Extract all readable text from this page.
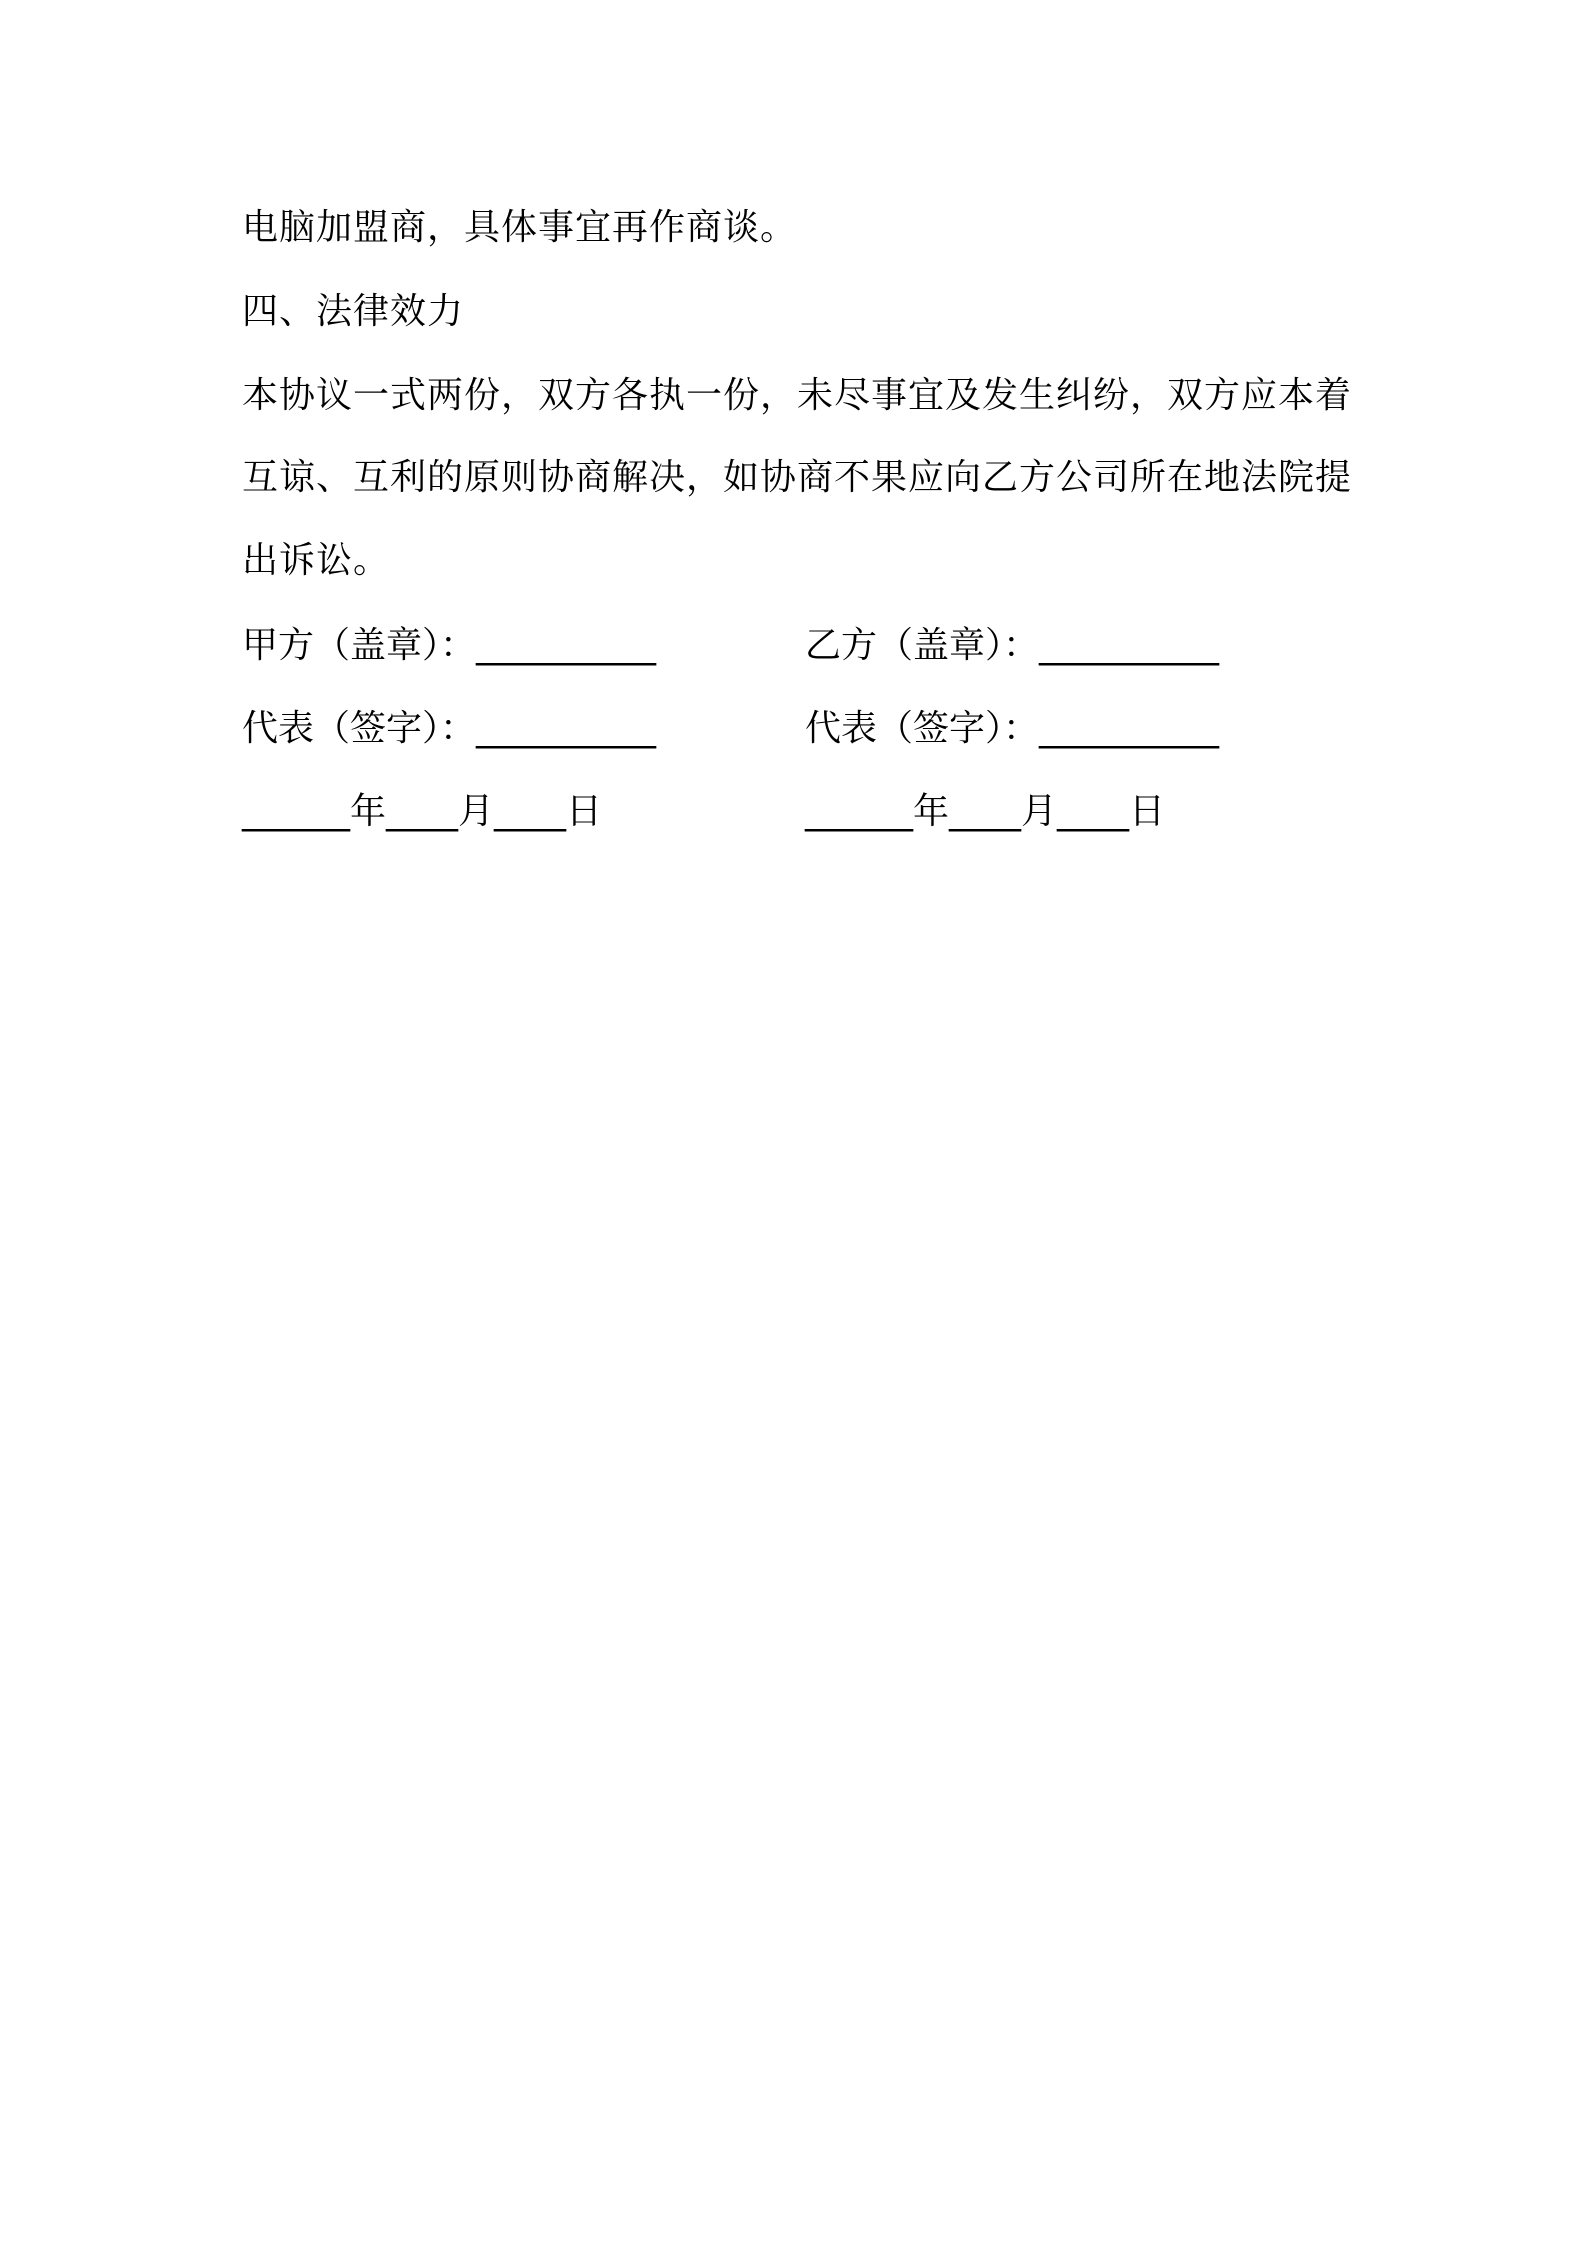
电脑加盟商，具体事宜再作商谈。
四、法律效力
本协议一式两份，双方各执一份，未尽事宜及发生纠纷，双方应本着
互谅、互利的原则协商解决，如协商不果应向乙方公司所在地法院提
出诉讼。
甲方（盖章）：__________	乙方（盖章）：__________
代表（签字）：__________	代表（签字）：__________
______年____月____日	______年____月____日
